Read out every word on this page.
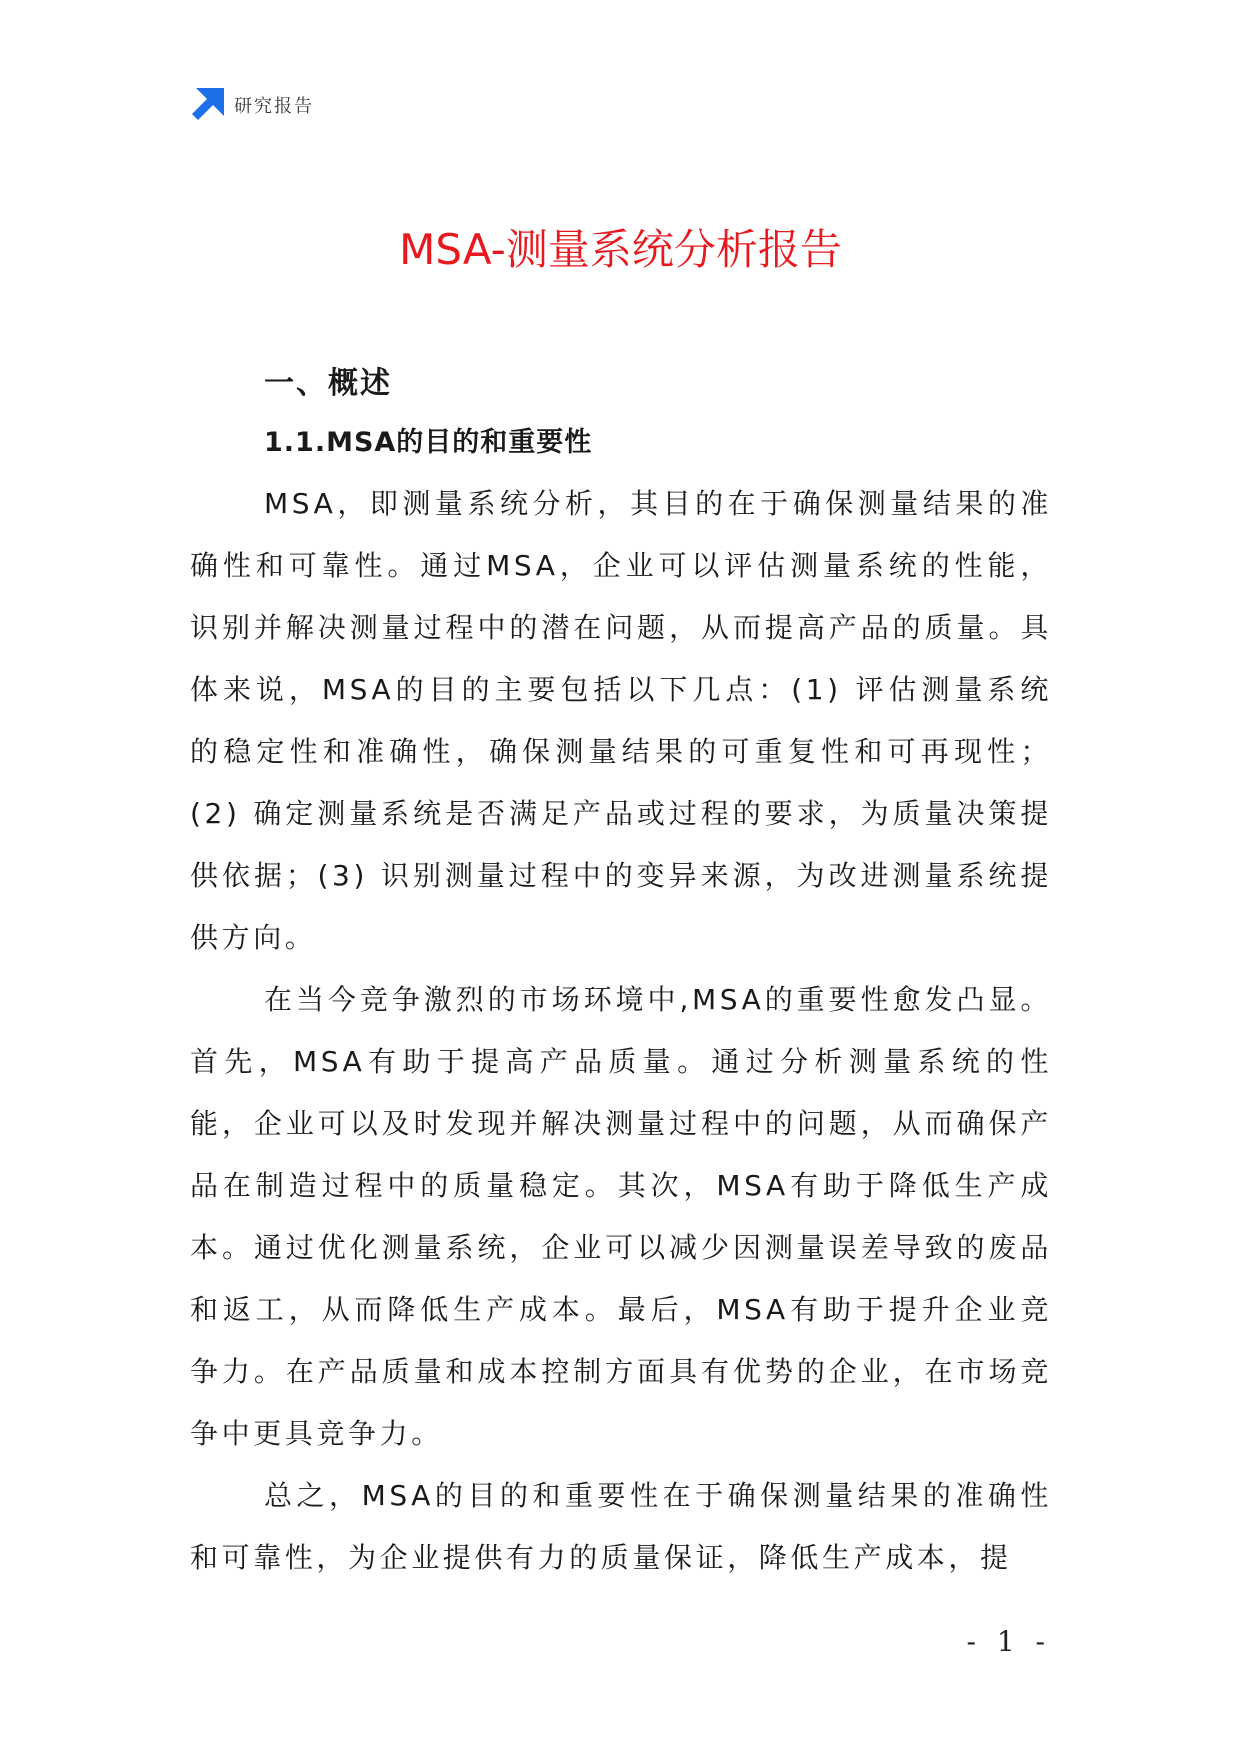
研究报告
MSA-测量系统分析报告
一、概述
1.1.MSA的目的和重要性

MSA，即测量系统分析，其目的在于确保测量结果的准确性和可靠性。通过MSA，企业可以评估测量系统的性能，识别并解决测量过程中的潜在问题，从而提高产品的质量。具体来说，MSA的目的主要包括以下几点：(1) 评估测量系统的稳定性和准确性，确保测量结果的可重复性和可再现性；(2) 确定测量系统是否满足产品或过程的要求，为质量决策提供依据；(3) 识别测量过程中的变异来源，为改进测量系统提供方向。

在当今竞争激烈的市场环境中,MSA的重要性愈发凸显。首先，MSA有助于提高产品质量。通过分析测量系统的性能，企业可以及时发现并解决测量过程中的问题，从而确保产品在制造过程中的质量稳定。其次，MSA有助于降低生产成本。通过优化测量系统，企业可以减少因测量误差导致的废品和返工，从而降低生产成本。最后，MSA有助于提升企业竞争力。在产品质量和成本控制方面具有优势的企业，在市场竞争中更具竞争力。

总之，MSA的目的和重要性在于确保测量结果的准确性和可靠性，为企业提供有力的质量保证，降低生产成本，提

- 1 -
